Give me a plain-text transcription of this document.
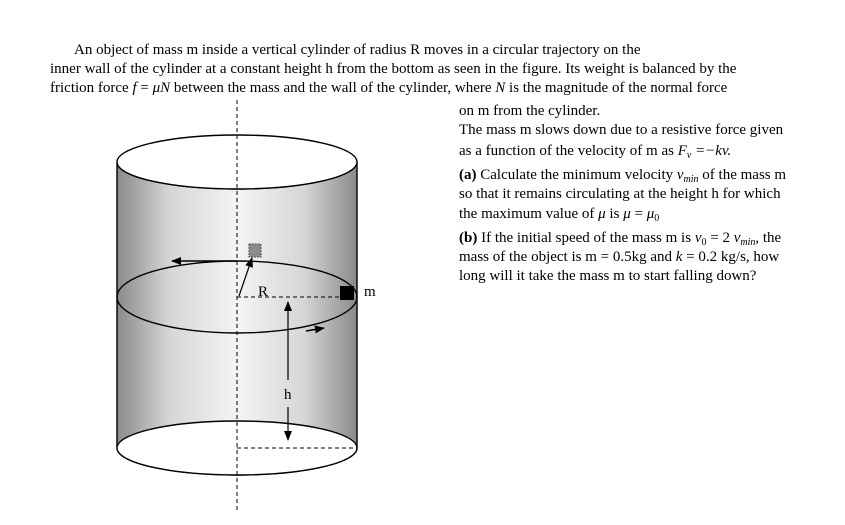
An object of mass m inside a vertical cylinder of radius R moves in a circular trajectory on the
inner wall of the cylinder at a constant height h from the bottom as seen in the figure. Its weight is balanced by the
friction force f = μN between the mass and the wall of the cylinder, where N is the magnitude of the normal force
on m from the cylinder.
The mass m slows down due to a resistive force given
as a function of the velocity of m as $F_v =-kv$.
(a) Calculate the minimum velocity $v_{min}$ of the mass m
so that it remains circulating at the height h for which
the maximum value of μ is $\mu = \mu_0$
(b) If the initial speed of the mass m is $v_0 = 2$ $v_{min}$, the
mass of the object is m = 0.5kg and k = 0.2 kg/s, how
long will it take the mass m to start falling down?
R	m
h
